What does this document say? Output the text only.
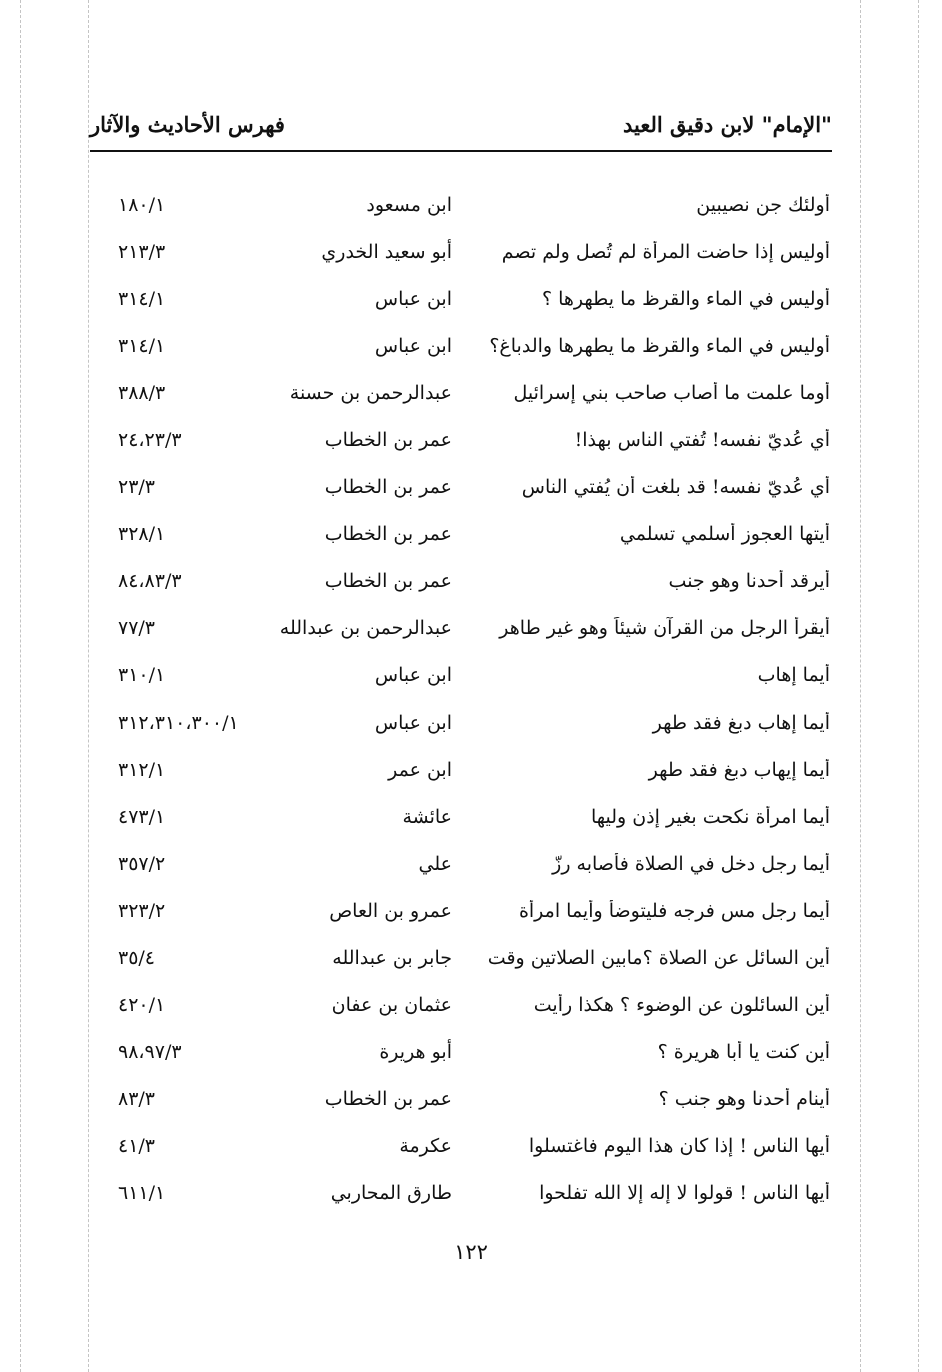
"الإمام" لابن دقيق العيد
فهرس الأحاديث والآثار
أولئك جن نصيبين
ابن مسعود
١٨٠/١
أوليس إذا حاضت المرأة لم تُصل ولم تصم
أبو سعيد الخدري
٢١٣/٣
أوليس في الماء والقرظ ما يطهرها ؟
ابن عباس
٣١٤/١
أوليس في الماء والقرظ ما يطهرها والدباغ؟
ابن عباس
٣١٤/١
أوما علمت ما أصاب صاحب بني إسرائيل
عبدالرحمن بن حسنة
٣٨٨/٣
أي عُديّ نفسه! تُفتي الناس بهذا!
عمر بن الخطاب
٢٤،٢٣/٣
أي عُديّ نفسه! قد بلغت أن يُفتي الناس
عمر بن الخطاب
٢٣/٣
أيتها العجوز أسلمي تسلمي
عمر بن الخطاب
٣٢٨/١
أيرقد أحدنا وهو جنب
عمر بن الخطاب
٨٤،٨٣/٣
أيقرأ الرجل من القرآن شيئاً وهو غير طاهر
عبدالرحمن بن عبدالله
٧٧/٣
أيما إهاب
ابن عباس
٣١٠/١
أيما إهاب دبغ فقد طهر
ابن عباس
٣١٢،٣١٠،٣٠٠/١
أيما إيهاب دبغ فقد طهر
ابن عمر
٣١٢/١
أيما امرأة نكحت بغير إذن وليها
عائشة
٤٧٣/١
أيما رجل دخل في الصلاة فأصابه رزّ
علي
٣٥٧/٢
أيما رجل مس فرجه فليتوضأ وأيما امرأة
عمرو بن العاص
٣٢٣/٢
أين السائل عن الصلاة ؟مابين الصلاتين وقت
جابر بن عبدالله
٣٥/٤
أين السائلون عن الوضوء ؟ هكذا رأيت
عثمان بن عفان
٤٢٠/١
أين كنت يا أبا هريرة ؟
أبو هريرة
٩٨،٩٧/٣
أينام أحدنا وهو جنب ؟
عمر بن الخطاب
٨٣/٣
أيها الناس ! إذا كان هذا اليوم فاغتسلوا
عكرمة
٤١/٣
أيها الناس ! قولوا لا إله إلا الله تفلحوا
طارق المحاربي
٦١١/١
١٢٢
